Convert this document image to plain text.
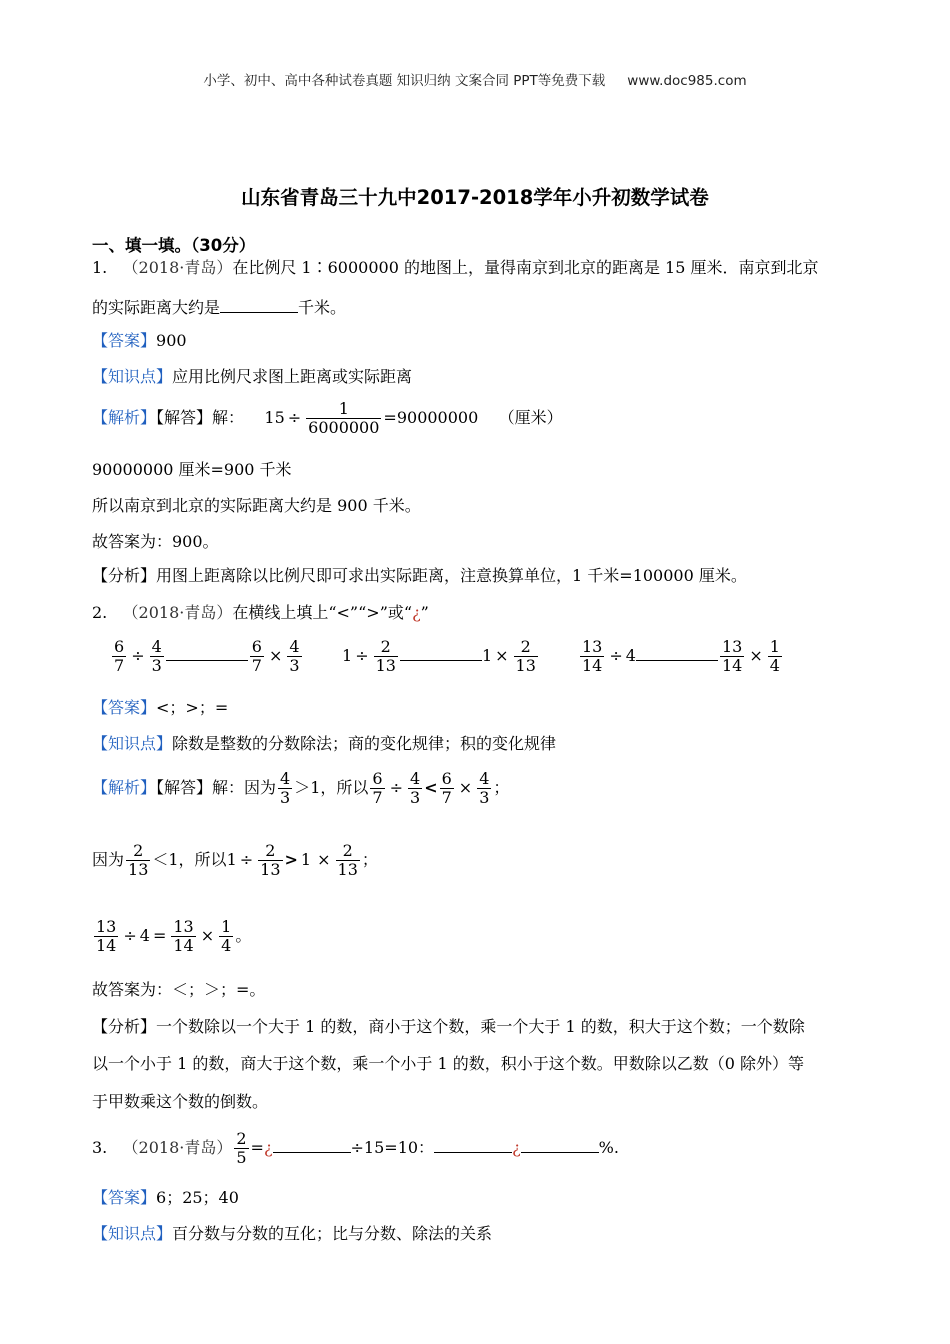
小学、初中、高中各种试卷真题 知识归纳 文案合同 PPT等免费下载 www.doc985.com
山东省青岛三十九中2017-2018学年小升初数学试卷
一、填一填。（30分）
1. （2018·青岛）在比例尺 1∶6000000 的地图上，量得南京到北京的距离是 15 厘米．南京到北京
的实际距离大约是	千米。
【答案】900
【知识点】应用比例尺求图上距离或实际距离
【解析】【解答】解： $15 \div \frac{1}{6000000} =90000000$ （厘米）
90000000 厘米=900 千米
所以南京到北京的实际距离大约是 900 千米。
故答案为：900。
【分析】用图上距离除以比例尺即可求出实际距离，注意换算单位，1 千米=100000 厘米。
2. （2018·青岛）在横线上填上“<”“>”或“¿”
$\frac{6}{7} \div \frac{4}{3}$	$\frac{6}{7} \times \frac{4}{3}$	$1 \div \frac{2}{13}$	$1 \times \frac{2}{13}$	$\frac{13}{14} \div 4$	$\frac{13}{14} \times \frac{1}{4}$
【答案】<；>；=
【知识点】除数是整数的分数除法；商的变化规律；积的变化规律
【解析】【解答】解：因为 $\frac{4}{3} >1$，所以 $\frac{6}{7} \div \frac{4}{3} < \frac{6}{7} \times \frac{4}{3}$ ；
因为 $\frac{2}{13} <1$，所以$1 \div \frac{2}{13} > 1 \times \frac{2}{13}$ ；
$\frac{13}{14} \div 4 = \frac{13}{14} \times \frac{1}{4}$ 。
故答案为：＜；＞；=。
【分析】一个数除以一个大于 1 的数，商小于这个数，乘一个大于 1 的数，积大于这个数；一个数除
以一个小于 1 的数，商大于这个数，乘一个小于 1 的数，积小于这个数。甲数除以乙数（0 除外）等
于甲数乘这个数的倒数。
3. （2018·青岛） $\frac{2}{5}$ =¿	÷15=10：	¿	%.
【答案】6；25；40
【知识点】百分数与分数的互化；比与分数、除法的关系
